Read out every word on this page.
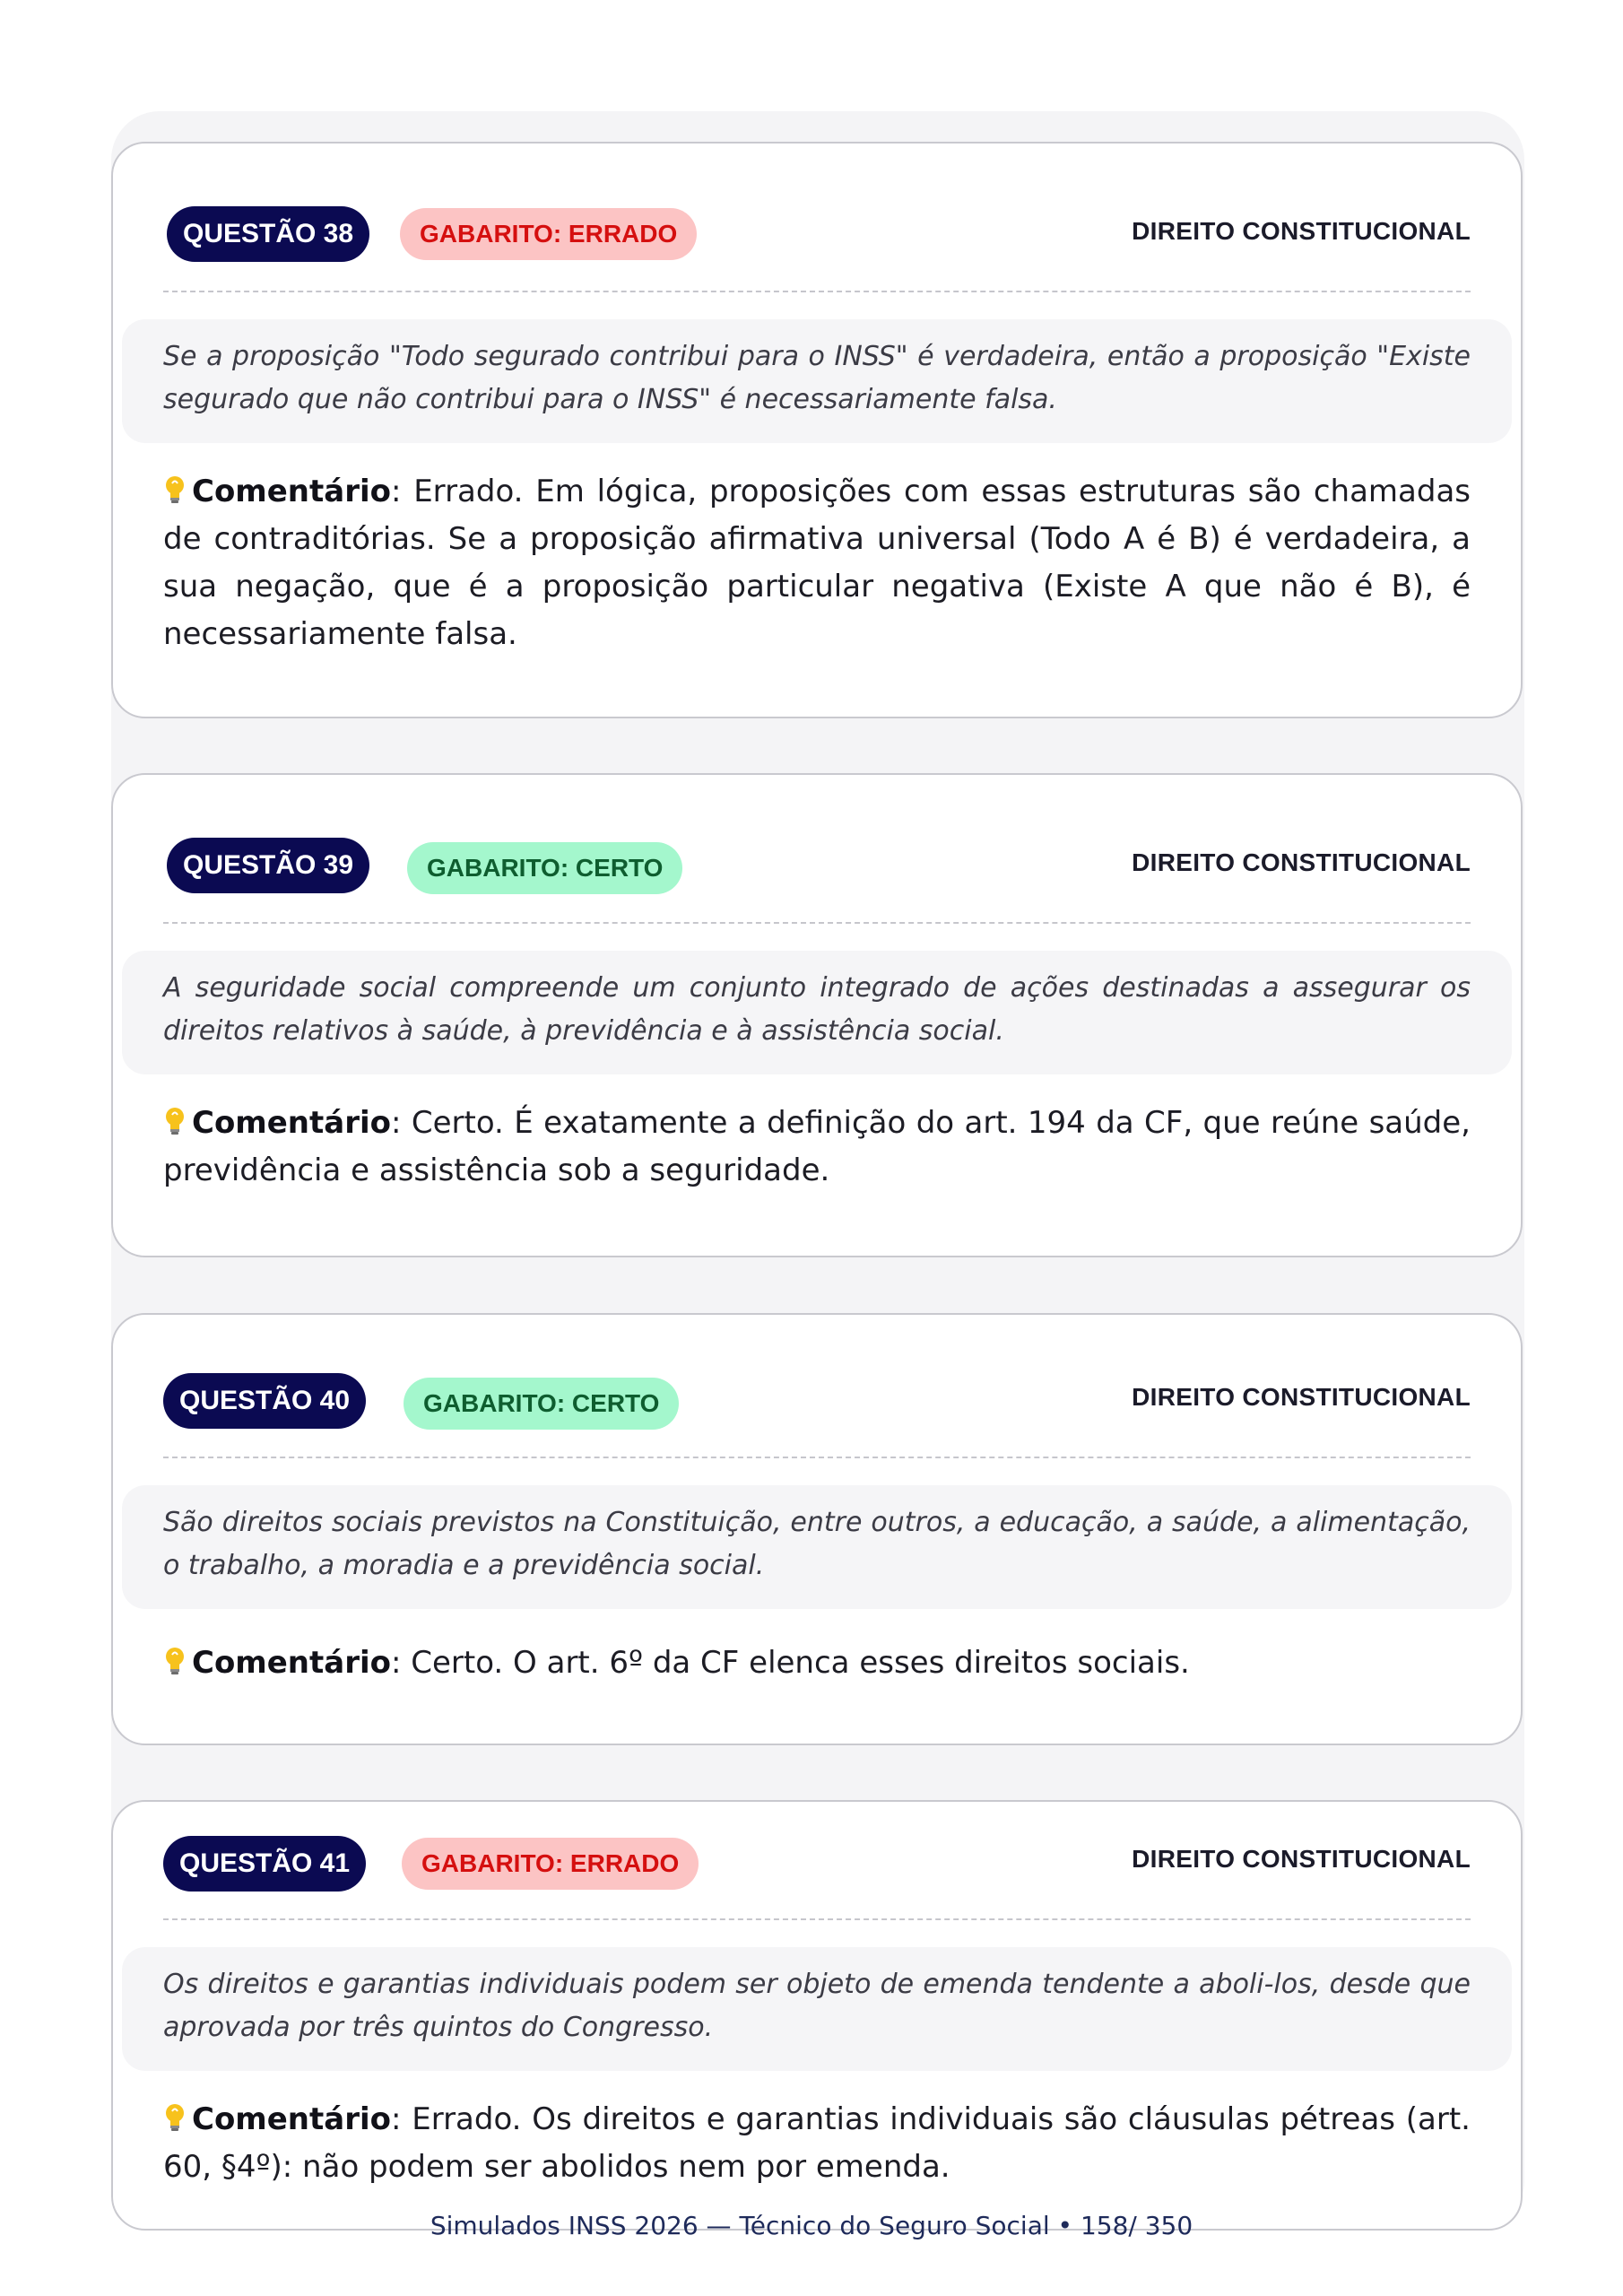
QUESTÃO 38	GABARITO: ERRADO	DIREITO CONSTITUCIONAL
Se a proposição "Todo segurado contribui para o INSS" é verdadeira, então a proposição "Existe segurado que não contribui para o INSS" é necessariamente falsa.
Comentário: Errado. Em lógica, proposições com essas estruturas são chamadas de contraditórias. Se a proposição afirmativa universal (Todo A é B) é verdadeira, a sua negação, que é a proposição particular negativa (Existe A que não é B), é necessariamente falsa.
QUESTÃO 39	GABARITO: CERTO	DIREITO CONSTITUCIONAL
A seguridade social compreende um conjunto integrado de ações destinadas a assegurar os direitos relativos à saúde, à previdência e à assistência social.
Comentário: Certo. É exatamente a definição do art. 194 da CF, que reúne saúde, previdência e assistência sob a seguridade.
QUESTÃO 40	GABARITO: CERTO	DIREITO CONSTITUCIONAL
São direitos sociais previstos na Constituição, entre outros, a educação, a saúde, a alimentação, o trabalho, a moradia e a previdência social.
Comentário: Certo. O art. 6º da CF elenca esses direitos sociais.
QUESTÃO 41	GABARITO: ERRADO	DIREITO CONSTITUCIONAL
Os direitos e garantias individuais podem ser objeto de emenda tendente a aboli-los, desde que aprovada por três quintos do Congresso.
Comentário: Errado. Os direitos e garantias individuais são cláusulas pétreas (art. 60, §4º): não podem ser abolidos nem por emenda.
Simulados INSS 2026 — Técnico do Seguro Social • 158/ 350
